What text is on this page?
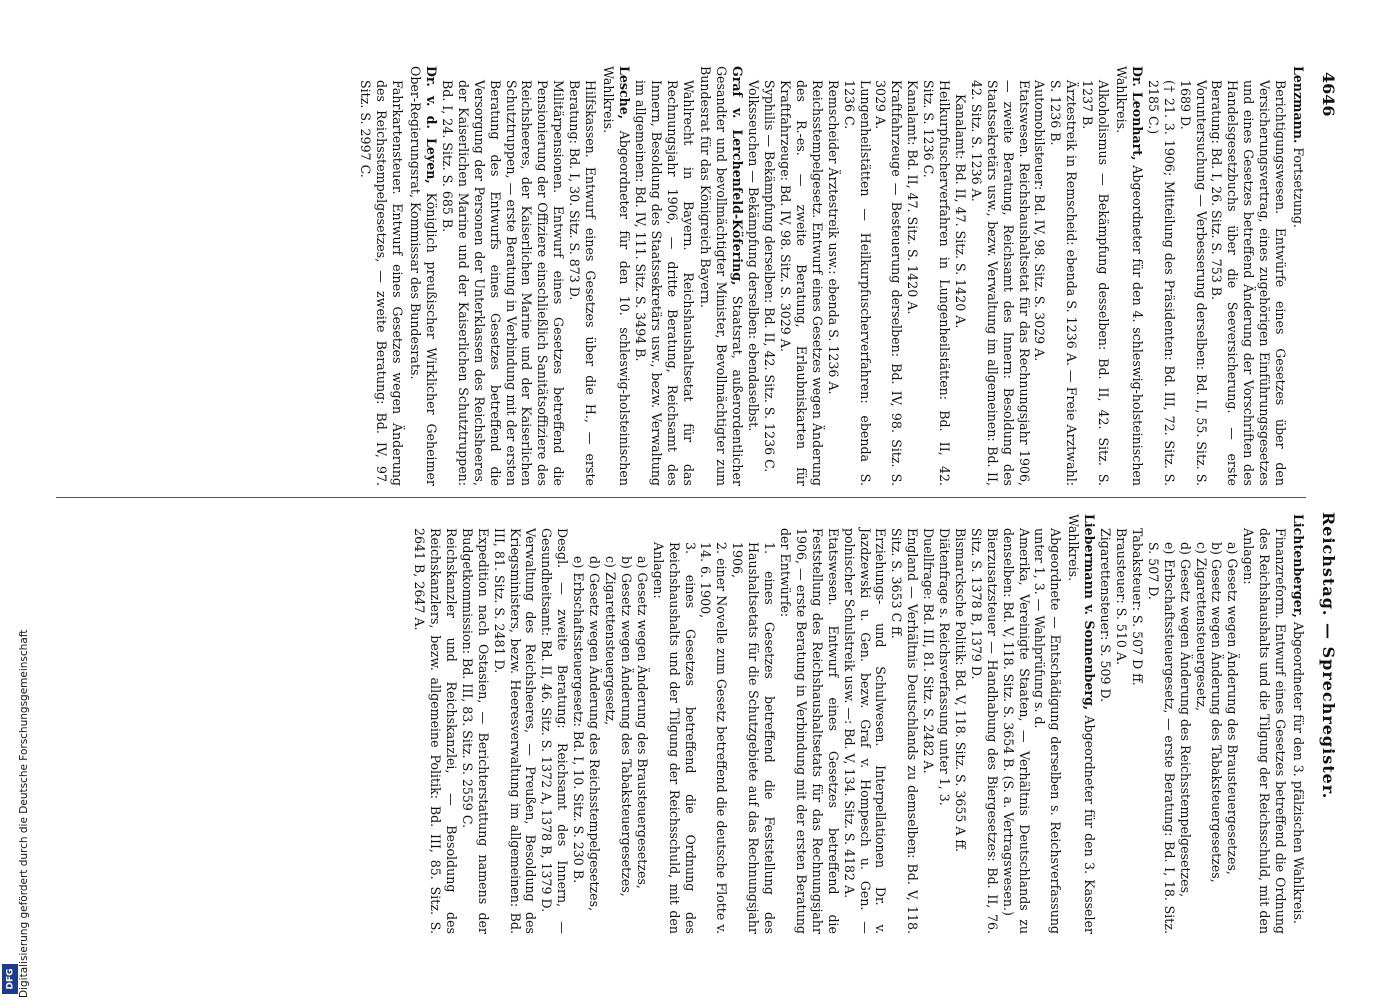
4646
Reichstag. — Sprechregister.

Lenzmann. Fortsetzung.

Berichtigungswesen. Entwürfe eines Gesetzes über den Versicherungsvertrag, eines zugehörigen Einführungsgesetzes und eines Gesetzes betreffend Änderung der Vorschriften des Handelsgesetzbuchs über die Seeversicherung. — erste Beratung: Bd. I, 26. Sitz. S. 753 B.

Voruntersuchung — Verbesserung derselben: Bd. II, 55. Sitz. S. 1689 D.

(† 21. 3. 1906; Mitteilung des Präsidenten: Bd. III, 72. Sitz. S. 2185 C.)

Dr. Leonhart, Abgeordneter für den 4. schleswig-holsteinischen Wahlkreis.

Alkoholismus — Bekämpfung desselben: Bd. II, 42. Sitz. S. 1237 B.

Ärztestreik in Remscheid: ebenda S. 1236 A. — Freie Arztwahl: S. 1236 B.

Automobilsteuer: Bd. IV, 98. Sitz. S. 3029 A.

Etatswesen. Reichshaushaltsetat für das Rechnungsjahr 1906, — zweite Beratung, Reichsamt des Innern: Besoldung des Staatssekretärs usw., bezw. Verwaltung im allgemeinen: Bd. II, 42. Sitz. S. 1236 A.

Kanalamt: Bd. II, 47. Sitz. S. 1420 A.

Heilkurpfuscherverfahren in Lungenheilstätten: Bd. II, 42. Sitz. S. 1236 C.

Kanalamt: Bd. II, 47. Sitz. S. 1420 A.

Kraftfahrzeuge — Besteuerung derselben: Bd. IV, 98. Sitz. S. 3029 A.

Lungenheilstätten — Heilkurpfuscherverfahren: ebenda S. 1236 C.

Remscheider Ärztestreik usw.: ebenda S. 1236 A.

Reichsstempelgesetz. Entwurf eines Gesetzes wegen Änderung des R.-es. — zweite Beratung, Erlaubniskarten für Kraftfahrzeuge: Bd. IV, 98. Sitz. S. 3029 A.

Syphilis — Bekämpfung derselben: Bd. II, 42. Sitz. S. 1236 C.

Volksseuchen — Bekämpfung derselben: ebendaselbst.

Graf v. Lerchenfeld-Köfering, Staatsrat, außerordentlicher Gesandter und bevollmächtigter Minister, Bevollmächtigter zum Bundesrat für das Königreich Bayern.

Wahlrecht in Bayern. Reichshaushaltsetat für das Rechnungsjahr 1906, — dritte Beratung, Reichsamt des Innern, Besoldung des Staatssekretärs usw., bezw. Verwaltung im allgemeinen: Bd. IV, 111. Sitz. S. 3494 B.

Lesche, Abgeordneter für den 10. schleswig-holsteinischen Wahlkreis.

Hilfskassen. Entwurf eines Gesetzes über die H., — erste Beratung: Bd. I, 30. Sitz. S. 873 D.

Militärpensionen. Entwurf eines Gesetzes betreffend die Pensionierung der Offiziere einschließlich Sanitätsoffiziere des Reichsheeres, der Kaiserlichen Marine und der Kaiserlichen Schutztruppen, — erste Beratung in Verbindung mit der ersten Beratung des Entwurfs eines Gesetzes betreffend die Versorgung der Personen der Unterklassen des Reichsheeres, der Kaiserlichen Marine und der Kaiserlichen Schutztruppen: Bd. I, 24. Sitz. S. 685 B.

Dr. v. d. Leyen, Königlich preußischer Wirklicher Geheimer Ober-Regierungsrat, Kommissar des Bundesrats.

Fahrkartensteuer. Entwurf eines Gesetzes wegen Änderung des Reichsstempelgesetzes, — zweite Beratung: Bd. IV, 97. Sitz. S. 2997 C.

Lichtenberger, Abgeordneter für den 3. pfälzischen Wahlkreis.

Finanzreform. Entwurf eines Gesetzes betreffend die Ordnung des Reichshaushalts und die Tilgung der Reichsschuld, mit den Anlagen:

a) Gesetz wegen Änderung des Brausteuergesetzes,

b) Gesetz wegen Änderung des Tabaksteuergesetzes,

c) Zigarettensteuergesetz,

d) Gesetz wegen Änderung des Reichsstempelgesetzes,

e) Erbschaftssteuergesetz, — erste Beratung: Bd. I, 18. Sitz. S. 507 D.

Tabaksteuer: S. 507 D ff.

Brausteuer: S. 510 A.

Zigarettensteuer: S. 509 D.

Liebermann v. Sonnenberg, Abgeordneter für den 3. Kasseler Wahlkreis.

Abgeordnete — Entschädigung derselben s. Reichsverfassung unter 1, 3. — Wahlprüfung s. d.

Amerika, Vereinigte Staaten, — Verhältnis Deutschlands zu denselben: Bd. V, 118. Sitz. S. 3654 B. (S. a. Vertragswesen.)

Bierzusatzsteuer — Handhabung des Biergesetzes: Bd. II, 76. Sitz. S. 1378 B, 1379 D.

Bismarcksche Politik: Bd. V, 118. Sitz. S. 3655 A ff.

Diätenfrage s. Reichsverfassung unter 1, 3.

Duellfrage: Bd. III, 81. Sitz. S. 2482 A.

England — Verhältnis Deutschlands zu demselben: Bd. V, 118. Sitz. S. 3653 C ff.

Erziehungs- und Schulwesen. Interpellationen Dr. v. Jazdzewski u. Gen. bezw. Graf v. Hompesch u. Gen. — polnischer Schulstreik usw. —: Bd. V, 134. Sitz. S. 4182 A.

Etatswesen. Entwurf eines Gesetzes betreffend die Feststellung des Reichshaushaltsetats für das Rechnungsjahr 1906, — erste Beratung in Verbindung mit der ersten Beratung der Entwürfe:

1. eines Gesetzes betreffend die Feststellung des Haushaltsetats für die Schutzgebiete auf das Rechnungsjahr 1906,

2. einer Novelle zum Gesetz betreffend die deutsche Flotte v. 14. 6. 1900,

3. eines Gesetzes betreffend die Ordnung des Reichshaushalts und der Tilgung der Reichsschuld, mit den Anlagen:

a) Gesetz wegen Änderung des Brausteuergesetzes,

b) Gesetz wegen Änderung des Tabaksteuergesetzes,

c) Zigarettensteuergesetz,

d) Gesetz wegen Änderung des Reichsstempelgesetzes,

e) Erbschaftssteuergesetz: Bd. I, 10. Sitz. S. 230 B.

Desgl. — zweite Beratung: Reichsamt des Innern, — Gesundheitsamt: Bd. II, 46. Sitz. S. 1372 A, 1378 B, 1379 D.

Verwaltung des Reichsheeres, — Preußen, Besoldung des Kriegsministers, bezw. Heeresverwaltung im allgemeinen: Bd. III, 81. Sitz. S. 2481 D.

Expedition nach Ostasien, — Berichterstattung namens der Budgetkommission: Bd. III, 83. Sitz. S. 2559 C.

Reichskanzler und Reichskanzlei, — Besoldung des Reichskanzlers, bezw. allgemeine Politik: Bd. III, 85. Sitz. S. 2641 B, 2647 A.

Digitalisierung gefördert durch die Deutsche Forschungsgemeinschaft
DFG
